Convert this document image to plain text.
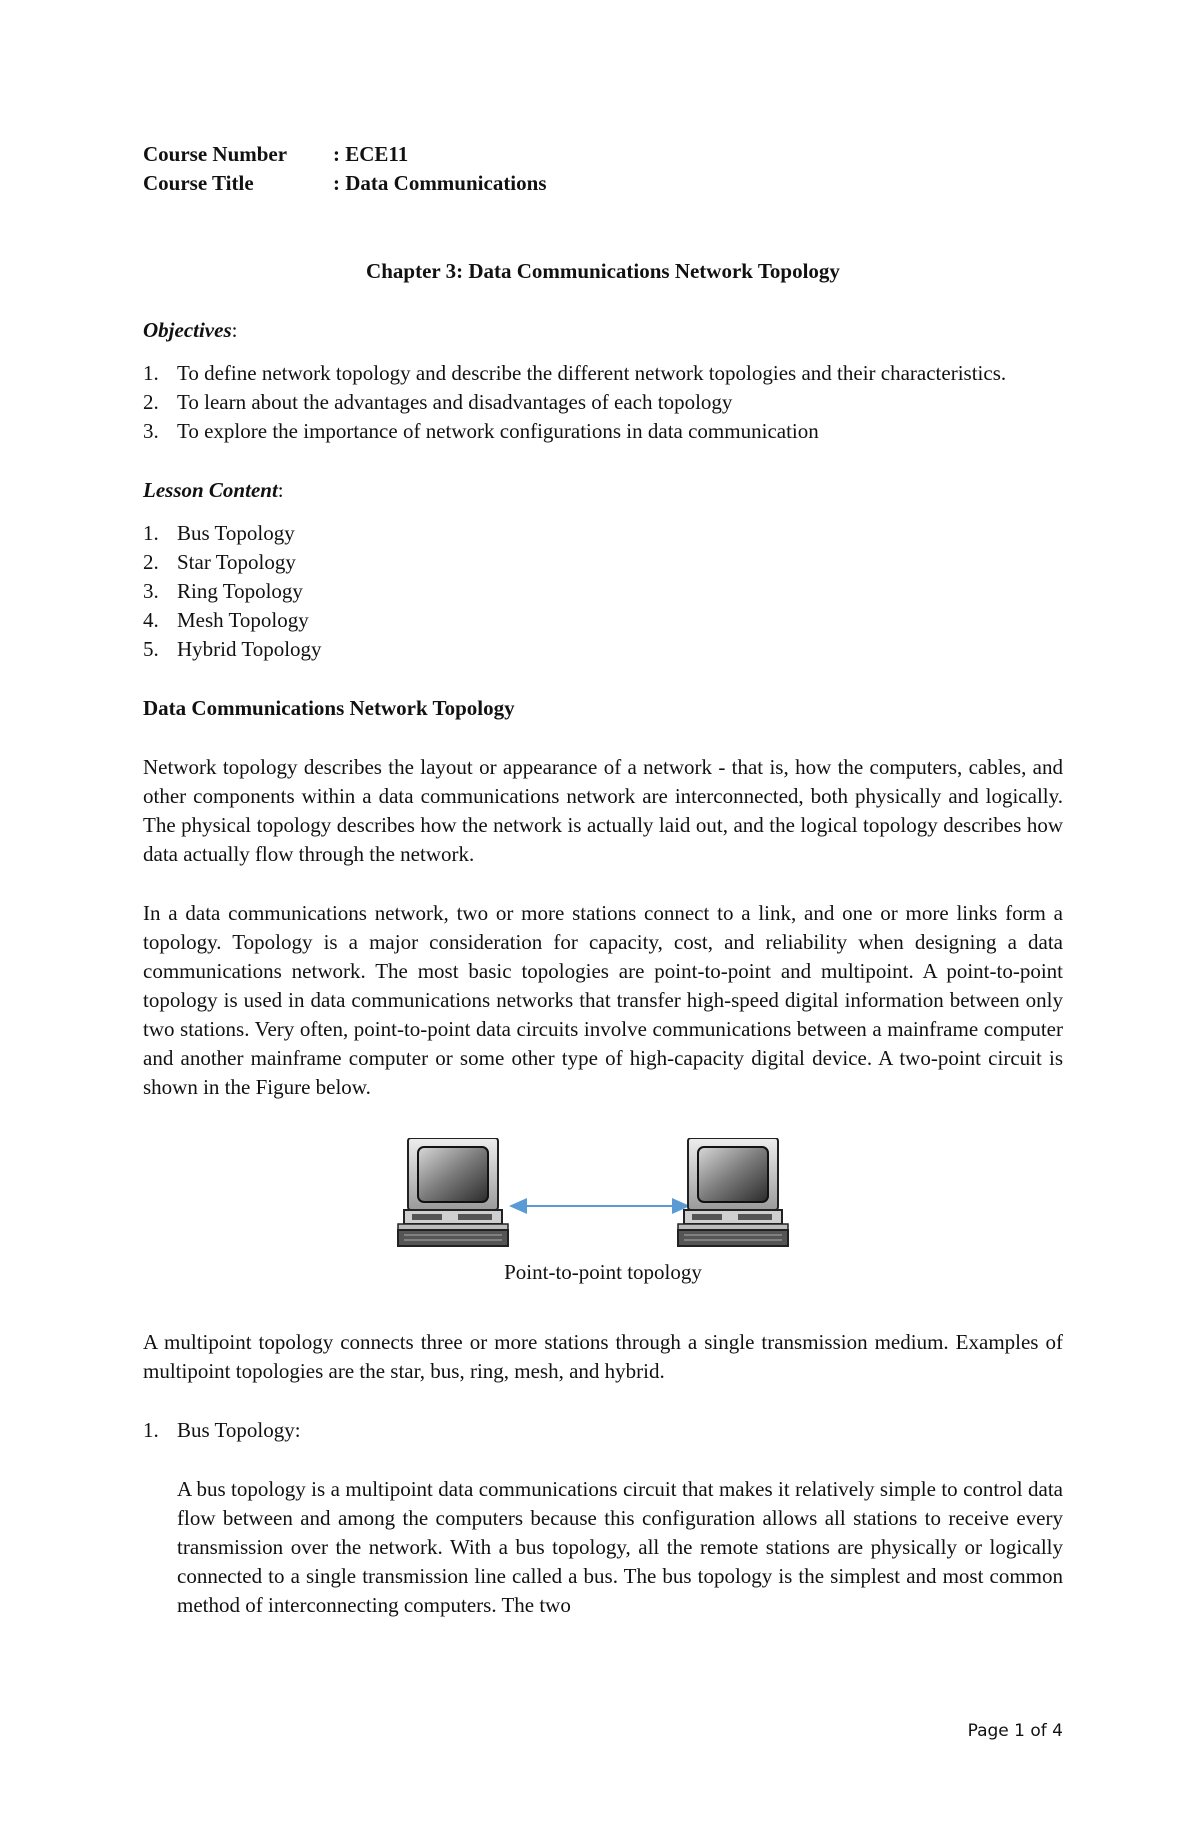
Course Number	: ECE11
Course Title	: Data Communications
Chapter 3: Data Communications Network Topology
Objectives:
1. To define network topology and describe the different network topologies and their characteristics.
2. To learn about the advantages and disadvantages of each topology
3. To explore the importance of network configurations in data communication
Lesson Content:
1. Bus Topology
2. Star Topology
3. Ring Topology
4. Mesh Topology
5. Hybrid Topology
Data Communications Network Topology
Network topology describes the layout or appearance of a network - that is, how the computers, cables, and other components within a data communications network are interconnected, both physically and logically. The physical topology describes how the network is actually laid out, and the logical topology describes how data actually flow through the network.
In a data communications network, two or more stations connect to a link, and one or more links form a topology. Topology is a major consideration for capacity, cost, and reliability when designing a data communications network. The most basic topologies are point-to-point and multipoint. A point-to-point topology is used in data communications networks that transfer high-speed digital information between only two stations. Very often, point-to-point data circuits involve communications between a mainframe computer and another mainframe computer or some other type of high-capacity digital device. A two-point circuit is shown in the Figure below.
Point-to-point topology
A multipoint topology connects three or more stations through a single transmission medium. Examples of multipoint topologies are the star, bus, ring, mesh, and hybrid.
1. Bus Topology:
A bus topology is a multipoint data communications circuit that makes it relatively simple to control data flow between and among the computers because this configuration allows all stations to receive every transmission over the network. With a bus topology, all the remote stations are physically or logically connected to a single transmission line called a bus. The bus topology is the simplest and most common method of interconnecting computers. The two
Page 1 of 4
